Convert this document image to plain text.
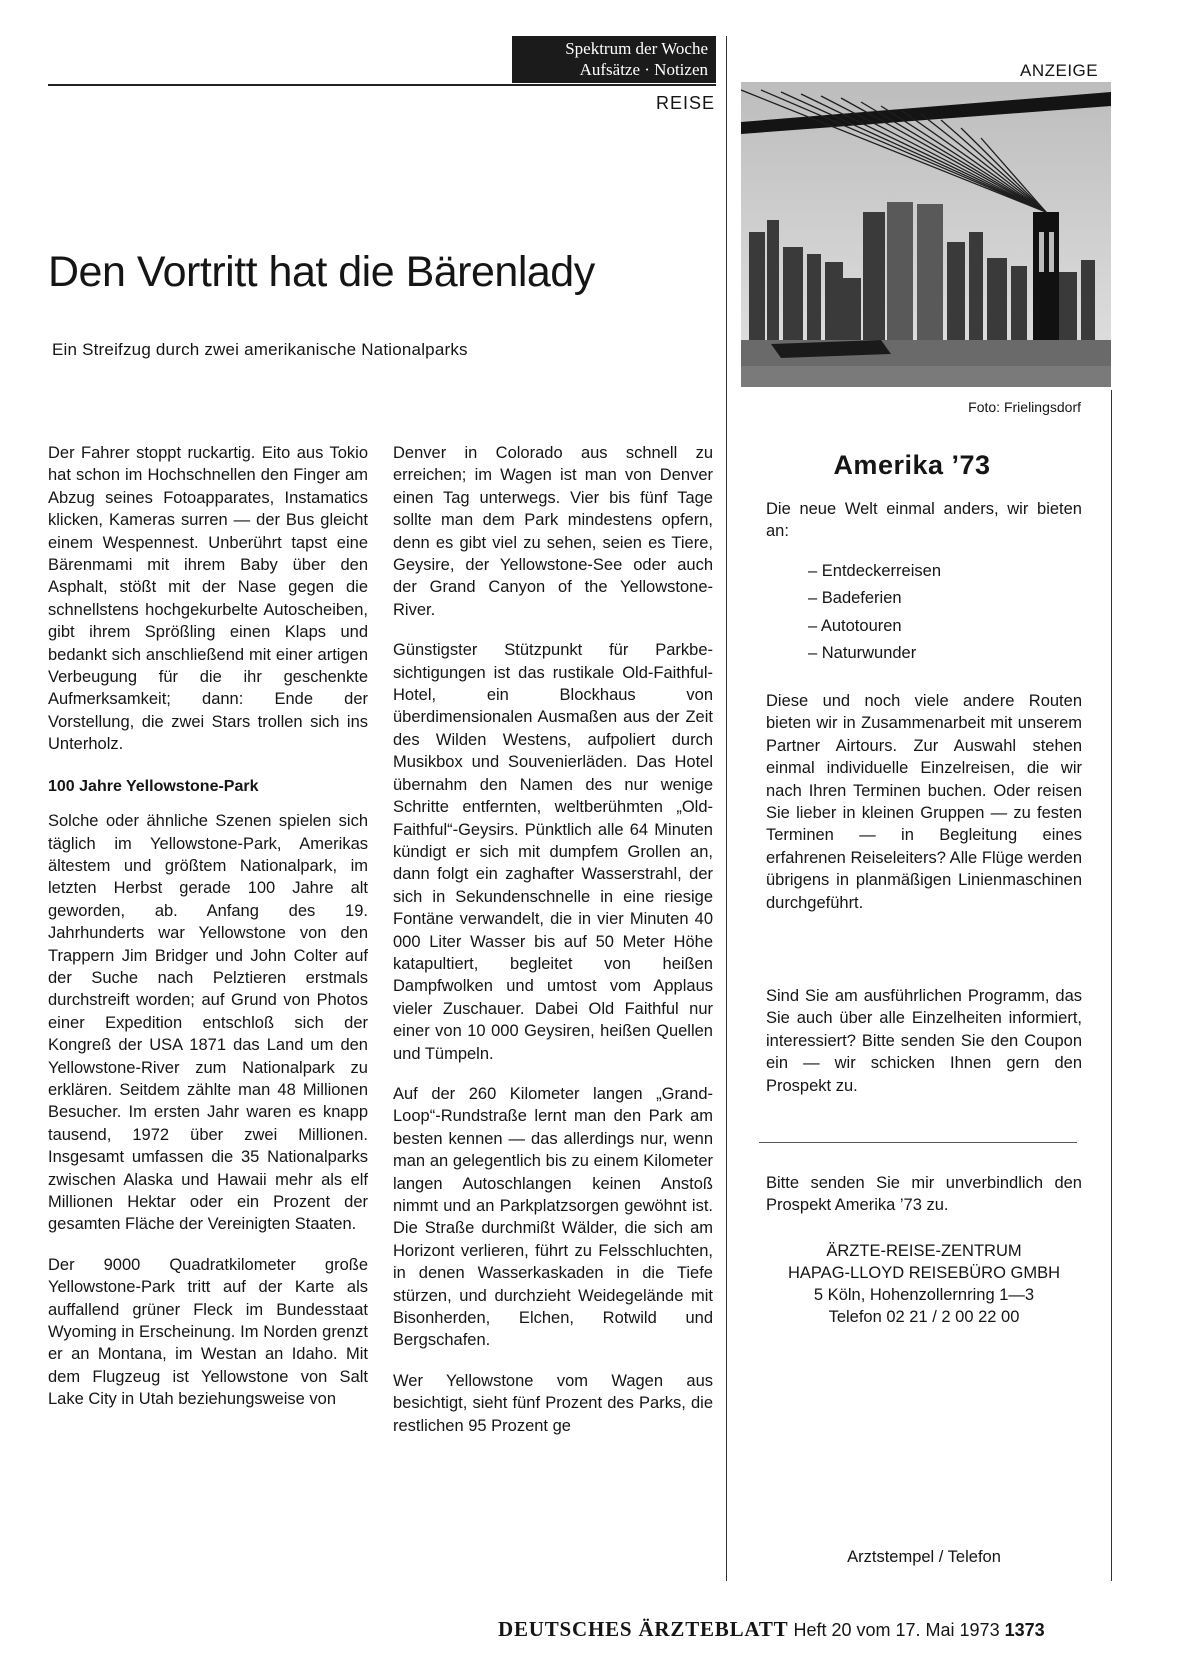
Spektrum der Woche
Aufsätze · Notizen
REISE
ANZEIGE
Den Vortritt hat die Bärenlady
Ein Streifzug durch zwei amerikanische Nationalparks

Der Fahrer stoppt ruckartig. Eito aus Tokio hat schon im Hochschnellen den Finger am Abzug seines Fotoapparates, Instamatics klicken, Kameras surren — der Bus gleicht einem Wespennest. Unberührt tapst eine Bärenmami mit ihrem Baby über den Asphalt, stößt mit der Nase gegen die schnellstens hochgekurbelte Autoscheiben, gibt ihrem Sprößling einen Klaps und bedankt sich anschließend mit einer artigen Verbeugung für die ihr geschenkte Aufmerksamkeit; dann: Ende der Vorstellung, die zwei Stars trollen sich ins Unterholz.

100 Jahre Yellowstone-Park

Solche oder ähnliche Szenen spielen sich täglich im Yellowstone-Park, Amerikas ältestem und größtem Nationalpark, im letzten Herbst gerade 100 Jahre alt geworden, ab. Anfang des 19. Jahrhunderts war Yellowstone von den Trappern Jim Bridger und John Colter auf der Suche nach Pelztieren erstmals durchstreift worden; auf Grund von Photos einer Expedition entschloß sich der Kongreß der USA 1871 das Land um den Yellowstone-River zum Nationalpark zu erklären. Seitdem zählte man 48 Millionen Besucher. Im ersten Jahr waren es knapp tausend, 1972 über zwei Millionen. Insgesamt umfassen die 35 Nationalparks zwischen Alaska und Hawaii mehr als elf Millionen Hektar oder ein Prozent der gesamten Fläche der Vereinigten Staaten.

Der 9000 Quadratkilometer große Yellowstone-Park tritt auf der Karte als auffallend grüner Fleck im Bundesstaat Wyoming in Erscheinung. Im Norden grenzt er an Montana, im Westan an Idaho. Mit dem Flugzeug ist Yellowstone von Salt Lake City in Utah beziehungsweise von

Denver in Colorado aus schnell zu erreichen; im Wagen ist man von Denver einen Tag unterwegs. Vier bis fünf Tage sollte man dem Park mindestens opfern, denn es gibt viel zu sehen, seien es Tiere, Geysire, der Yellowstone-See oder auch der Grand Canyon of the Yellowstone-River.

Günstigster Stützpunkt für Parkbesichtigungen ist das rustikale Old-Faithful-Hotel, ein Blockhaus von überdimensionalen Ausmaßen aus der Zeit des Wilden Westens, aufpoliert durch Musikbox und Souvenierläden. Das Hotel übernahm den Namen des nur wenige Schritte entfernten, weltberühmten „Old-Faithful“-Geysirs. Pünktlich alle 64 Minuten kündigt er sich mit dumpfem Grollen an, dann folgt ein zaghafter Wasserstrahl, der sich in Sekundenschnelle in eine riesige Fontäne verwandelt, die in vier Minuten 40 000 Liter Wasser bis auf 50 Meter Höhe katapultiert, begleitet von heißen Dampfwolken und umtost vom Applaus vieler Zuschauer. Dabei Old Faithful nur einer von 10 000 Geysiren, heißen Quellen und Tümpeln.

Auf der 260 Kilometer langen „Grand-Loop“-Rundstraße lernt man den Park am besten kennen — das allerdings nur, wenn man an gelegentlich bis zu einem Kilometer langen Autoschlangen keinen Anstoß nimmt und an Parkplatzsorgen gewöhnt ist. Die Straße durchmißt Wälder, die sich am Horizont verlieren, führt zu Felsschluchten, in denen Wasserkaskaden in die Tiefe stürzen, und durchzieht Weidegelände mit Bisonherden, Elchen, Rotwild und Bergschafen.

Wer Yellowstone vom Wagen aus besichtigt, sieht fünf Prozent des Parks, die restlichen 95 Prozent ge

Foto: Frielingsdorf
Amerika ’73
Die neue Welt einmal anders, wir bieten an:
– Entdeckerreisen
– Badeferien
– Autotouren
– Naturwunder
Diese und noch viele andere Routen bieten wir in Zusammenarbeit mit unserem Partner Airtours. Zur Auswahl stehen einmal individuelle Einzelreisen, die wir nach Ihren Terminen buchen. Oder reisen Sie lieber in kleinen Gruppen — zu festen Terminen — in Begleitung eines erfahrenen Reiseleiters? Alle Flüge werden übrigens in planmäßigen Linienmaschinen durchgeführt.
Sind Sie am ausführlichen Programm, das Sie auch über alle Einzelheiten informiert, interessiert? Bitte senden Sie den Coupon ein — wir schicken Ihnen gern den Prospekt zu.
Bitte senden Sie mir unverbindlich den Prospekt Amerika ’73 zu.
ÄRZTE-REISE-ZENTRUM
HAPAG-LLOYD REISEBÜRO GMBH
5 Köln, Hohenzollernring 1—3
Telefon 02 21 / 2 00 22 00
Arztstempel / Telefon
DEUTSCHES ÄRZTEBLATT Heft 20 vom 17. Mai 1973 1373
